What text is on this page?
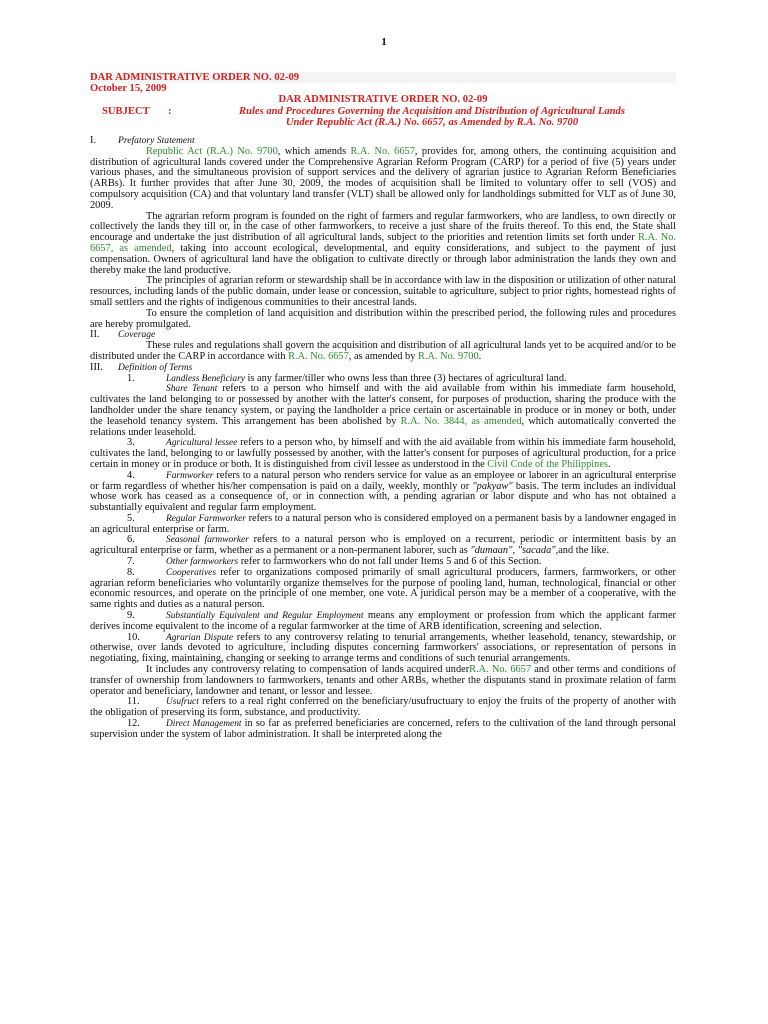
1
DAR ADMINISTRATIVE ORDER NO. 02-09
October 15, 2009
DAR ADMINISTRATIVE ORDER NO. 02-09
SUBJECT	:	Rules and Procedures Governing the Acquisition and Distribution of Agricultural Lands
Under Republic Act (R.A.) No. 6657, as Amended by R.A. No. 9700
I.	Prefatory Statement

Republic Act (R.A.) No. 9700, which amends R.A. No. 6657, provides for, among others, the continuing acquisition and distribution of agricultural lands covered under the Comprehensive Agrarian Reform Program (CARP) for a period of five (5) years under various phases, and the simultaneous provision of support services and the delivery of agrarian justice to Agrarian Reform Beneficiaries (ARBs). It further provides that after June 30, 2009, the modes of acquisition shall be limited to voluntary offer to sell (VOS) and compulsory acquisition (CA) and that voluntary land transfer (VLT) shall be allowed only for landholdings submitted for VLT as of June 30, 2009.

The agrarian reform program is founded on the right of farmers and regular farmworkers, who are landless, to own directly or collectively the lands they till or, in the case of other farmworkers, to receive a just share of the fruits thereof. To this end, the State shall encourage and undertake the just distribution of all agricultural lands, subject to the priorities and retention limits set forth under R.A. No. 6657, as amended, taking into account ecological, developmental, and equity considerations, and subject to the payment of just compensation. Owners of agricultural land have the obligation to cultivate directly or through labor administration the lands they own and thereby make the land productive.

The principles of agrarian reform or stewardship shall be in accordance with law in the disposition or utilization of other natural resources, including lands of the public domain, under lease or concession, suitable to agriculture, subject to prior rights, homestead rights of small settlers and the rights of indigenous communities to their ancestral lands.

To ensure the completion of land acquisition and distribution within the prescribed period, the following rules and procedures are hereby promulgated.

II.	Coverage

These rules and regulations shall govern the acquisition and distribution of all agricultural lands yet to be acquired and/or to be distributed under the CARP in accordance with R.A. No. 6657, as amended by R.A. No. 9700.

III.	Definition of Terms

1.	Landless Beneficiary is any farmer/tiller who owns less than three (3) hectares of agricultural land.

Share Tenant refers to a person who himself and with the aid available from within his immediate farm household, cultivates the land belonging to or possessed by another with the latter's consent, for purposes of production, sharing the produce with the landholder under the share tenancy system, or paying the landholder a price certain or ascertainable in produce or in money or both, under the leasehold tenancy system. This arrangement has been abolished by R.A. No. 3844, as amended, which automatically converted the relations under leasehold.

3.	Agricultural lessee refers to a person who, by himself and with the aid available from within his immediate farm household, cultivates the land, belonging to or lawfully possessed by another, with the latter's consent for purposes of agricultural production, for a price certain in money or in produce or both. It is distinguished from civil lessee as understood in the Civil Code of the Philippines.

4.	Farmworker refers to a natural person who renders service for value as an employee or laborer in an agricultural enterprise or farm regardless of whether his/her compensation is paid on a daily, weekly, monthly or "pakyaw" basis. The term includes an individual whose work has ceased as a consequence of, or in connection with, a pending agrarian or labor dispute and who has not obtained a substantially equivalent and regular farm employment.

5.	Regular Farmworker refers to a natural person who is considered employed on a permanent basis by a landowner engaged in an agricultural enterprise or farm.

6.	Seasonal farmworker refers to a natural person who is employed on a recurrent, periodic or intermittent basis by an agricultural enterprise or farm, whether as a permanent or a non-permanent laborer, such as "dumaan", "sacada",and the like.

7.	Other farmworkers refer to farmworkers who do not fall under Items 5 and 6 of this Section.

8.	Cooperatives refer to organizations composed primarily of small agricultural producers, farmers, farmworkers, or other agrarian reform beneficiaries who voluntarily organize themselves for the purpose of pooling land, human, technological, financial or other economic resources, and operate on the principle of one member, one vote. A juridical person may be a member of a cooperative, with the same rights and duties as a natural person.

9.	Substantially Equivalent and Regular Employment means any employment or profession from which the applicant farmer derives income equivalent to the income of a regular farmworker at the time of ARB identification, screening and selection.

10.	Agrarian Dispute refers to any controversy relating to tenurial arrangements, whether leasehold, tenancy, stewardship, or otherwise, over lands devoted to agriculture, including disputes concerning farmworkers' associations, or representation of persons in negotiating, fixing, maintaining, changing or seeking to arrange terms and conditions of such tenurial arrangements.

It includes any controversy relating to compensation of lands acquired underR.A. No. 6657 and other terms and conditions of transfer of ownership from landowners to farmworkers, tenants and other ARBs, whether the disputants stand in proximate relation of farm operator and beneficiary, landowner and tenant, or lessor and lessee.

11.	Usufruct refers to a real right conferred on the beneficiary/usufructuary to enjoy the fruits of the property of another with the obligation of preserving its form, substance, and productivity.

12.	Direct Management in so far as preferred beneficiaries are concerned, refers to the cultivation of the land through personal supervision under the system of labor administration. It shall be interpreted along the
